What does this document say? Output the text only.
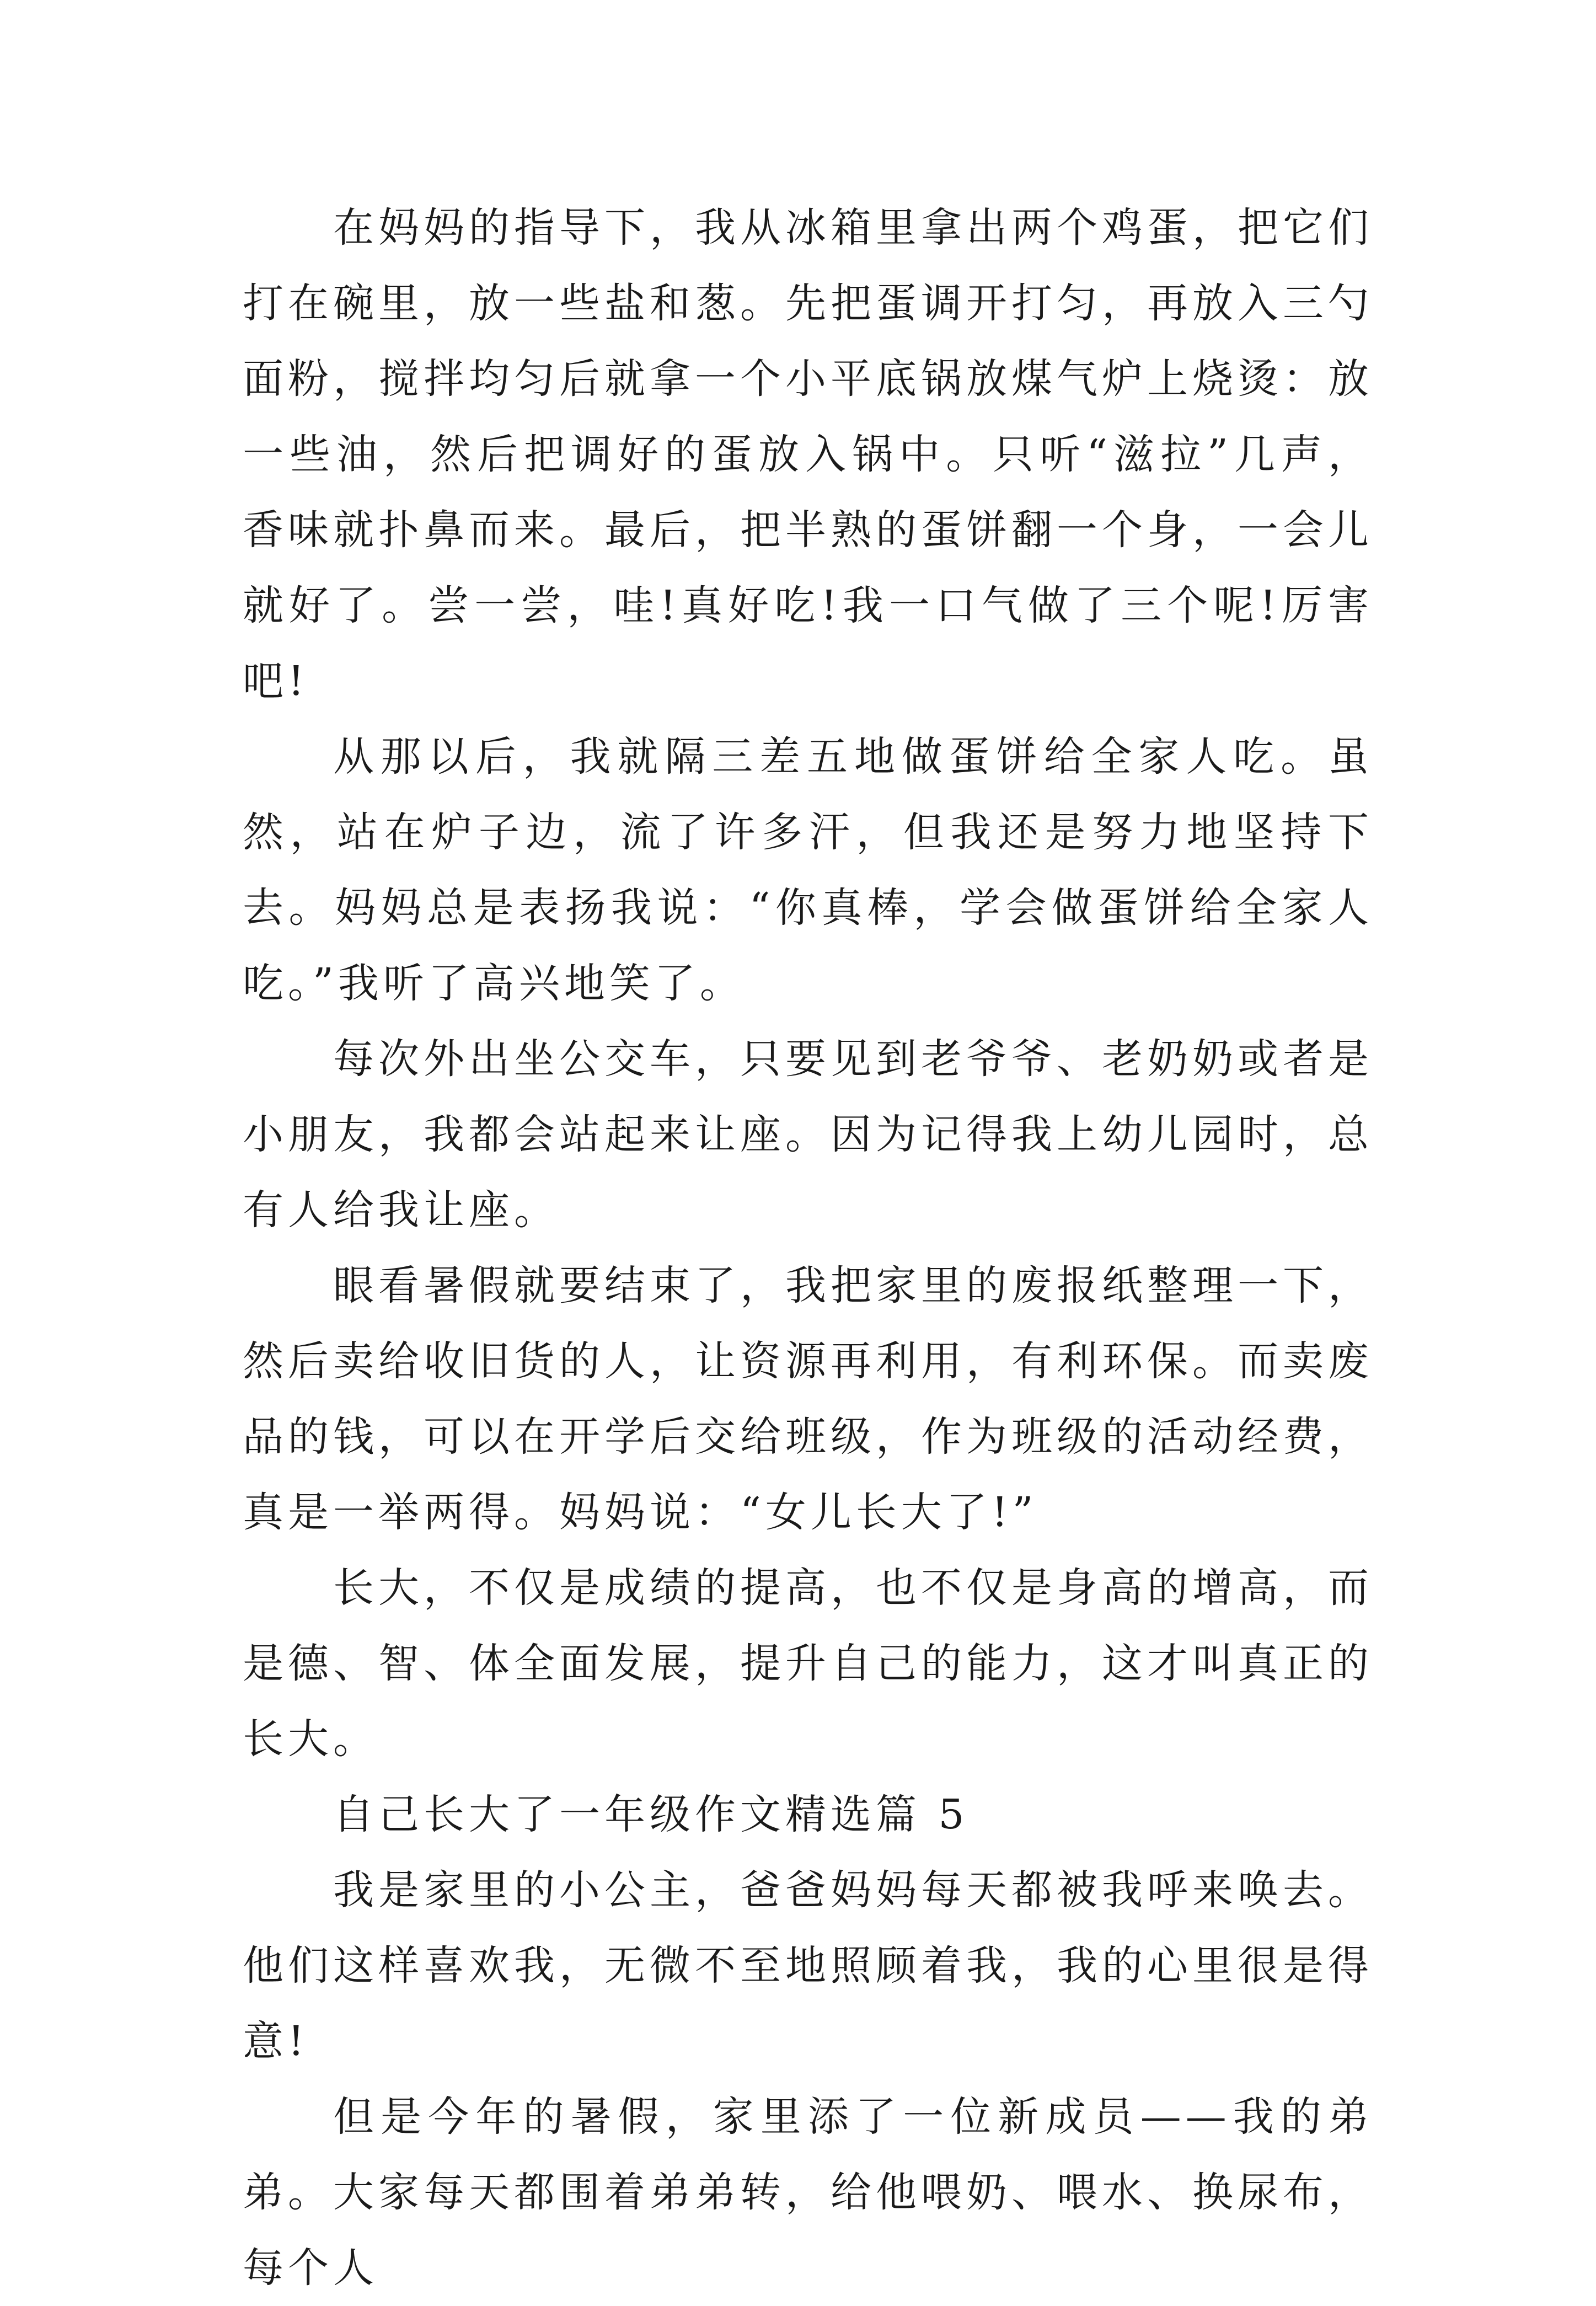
在妈妈的指导下，我从冰箱里拿出两个鸡蛋，把它们打在碗里，放一些盐和葱。先把蛋调开打匀，再放入三勺面粉，搅拌均匀后就拿一个小平底锅放煤气炉上烧烫：放一些油，然后把调好的蛋放入锅中。只听“滋拉”几声，香味就扑鼻而来。最后，把半熟的蛋饼翻一个身，一会儿就好了。尝一尝，哇!真好吃!我一口气做了三个呢!厉害吧!

从那以后，我就隔三差五地做蛋饼给全家人吃。虽然，站在炉子边，流了许多汗，但我还是努力地坚持下去。妈妈总是表扬我说：“你真棒，学会做蛋饼给全家人吃。”我听了高兴地笑了。

每次外出坐公交车，只要见到老爷爷、老奶奶或者是小朋友，我都会站起来让座。因为记得我上幼儿园时，总有人给我让座。

眼看暑假就要结束了，我把家里的废报纸整理一下，然后卖给收旧货的人，让资源再利用，有利环保。而卖废品的钱，可以在开学后交给班级，作为班级的活动经费，真是一举两得。妈妈说：“女儿长大了!”

长大，不仅是成绩的提高，也不仅是身高的增高，而是德、智、体全面发展，提升自己的能力，这才叫真正的长大。

自己长大了一年级作文精选篇 5

我是家里的小公主，爸爸妈妈每天都被我呼来唤去。他们这样喜欢我，无微不至地照顾着我，我的心里很是得意!

但是今年的暑假，家里添了一位新成员——我的弟弟。大家每天都围着弟弟转，给他喂奶、喂水、换尿布，每个人
